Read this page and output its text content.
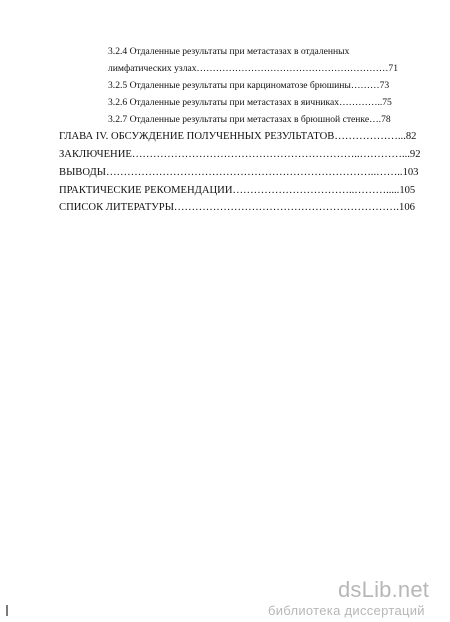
3.2.4 Отдаленные результаты при метастазах в отдаленных
лимфатических узлах……………………………………………………71
3.2.5 Отдаленные результаты при карциноматозе брюшины………73
3.2.6 Отдаленные результаты при метастазах в яичниках…………..75
3.2.7 Отдаленные результаты при метастазах в брюшной стенке….78
ГЛАВА IV. ОБСУЖДЕНИЕ ПОЛУЧЕННЫХ РЕЗУЛЬТАТОВ………………...82
ЗАКЛЮЧЕНИЕ………………………………………………………..…………...92
ВЫВОДЫ…………………………………………………………………..……..103
ПРАКТИЧЕСКИЕ РЕКОМЕНДАЦИИ……………………………..……….....105
СПИСОК ЛИТЕРАТУРЫ……………………………………………………….106
dsLib.net
библиотека диссертаций
